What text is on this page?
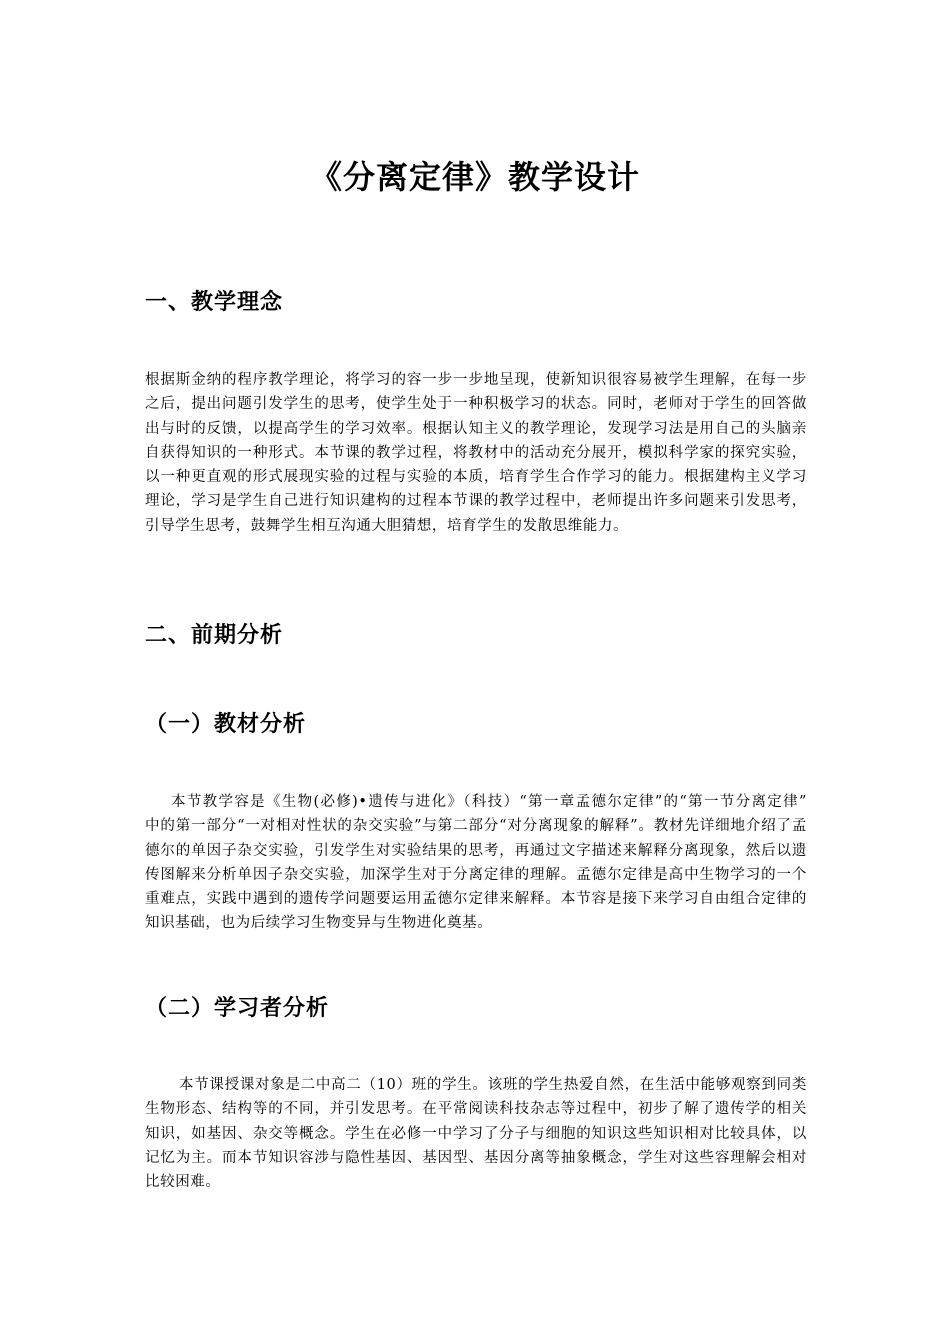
《分离定律》教学设计
一、教学理念

根据斯金纳的程序教学理论，将学习的容一步一步地呈现，使新知识很容易被学生理解，在每一步之后，提出问题引发学生的思考，使学生处于一种积极学习的状态。同时，老师对于学生的回答做出与时的反馈，以提高学生的学习效率。根据认知主义的教学理论，发现学习法是用自己的头脑亲自获得知识的一种形式。本节课的教学过程，将教材中的活动充分展开，模拟科学家的探究实验，以一种更直观的形式展现实验的过程与实验的本质，培育学生合作学习的能力。根据建构主义学习理论，学习是学生自己进行知识建构的过程本节课的教学过程中，老师提出许多问题来引发思考，引导学生思考，鼓舞学生相互沟通大胆猜想，培育学生的发散思维能力。

二、前期分析
（一）教材分析

本节教学容是《生物(必修)•遗传与进化》（科技）“第一章孟德尔定律”的“第一节分离定律”　 中的第一部分“一对相对性状的杂交实验”与第二部分“对分离现象的解释”。教材先详细地介绍了孟德尔的单因子杂交实验，引发学生对实验结果的思考，再通过文字描述来解释分离现象，然后以遗传图解来分析单因子杂交实验，加深学生对于分离定律的理解。孟德尔定律是高中生物学习的一个重难点，实践中遇到的遗传学问题要运用孟德尔定律来解释。本节容是接下来学习自由组合定律的知识基础，也为后续学习生物变异与生物进化奠基。

（二）学习者分析

本节课授课对象是二中高二（10）班的学生。该班的学生热爱自然，在生活中能够观察到同类生物形态、结构等的不同，并引发思考。在平常阅读科技杂志等过程中，初步了解了遗传学的相关知识，如基因、杂交等概念。学生在必修一中学习了分子与细胞的知识这些知识相对比较具体，以记忆为主。而本节知识容涉与隐性基因、基因型、基因分离等抽象概念，学生对这些容理解会相对比较困难。
